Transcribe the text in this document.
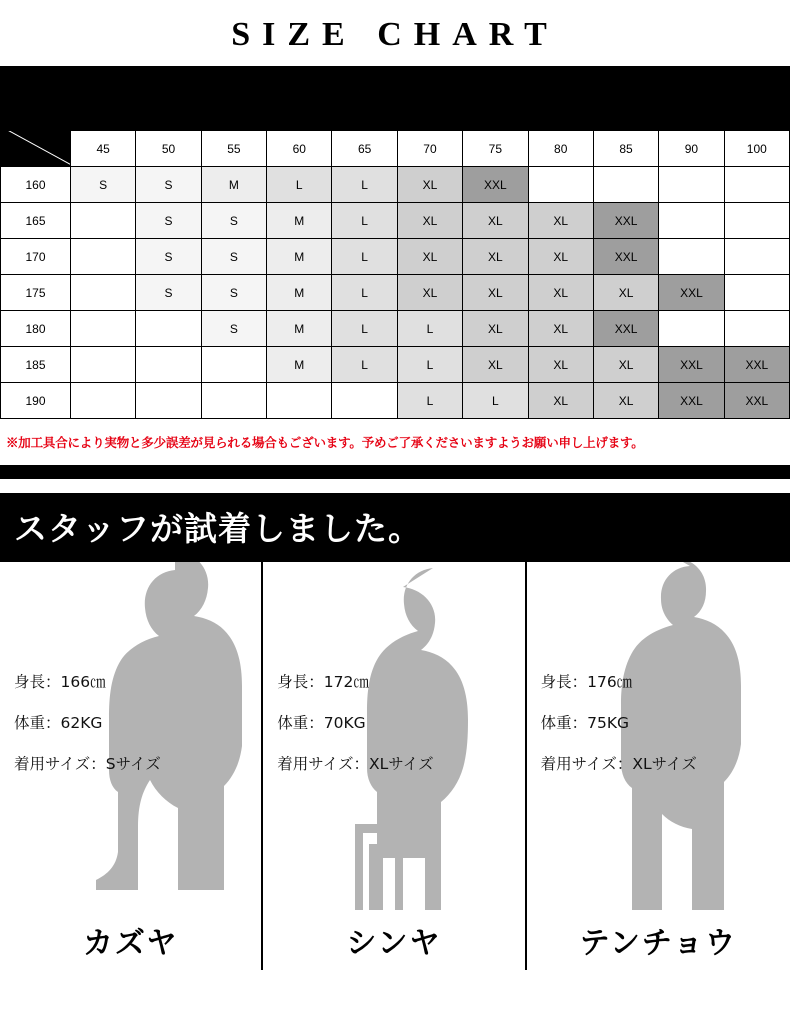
SIZE CHART
	45	50	55	60	65	70	75	80	85	90	100
160	S	S	M	L	L	XL	XXL				
165		S	S	M	L	XL	XL	XL	XXL		
170		S	S	M	L	XL	XL	XL	XXL		
175		S	S	M	L	XL	XL	XL	XL	XXL	
180			S	M	L	L	XL	XL	XXL		
185				M	L	L	XL	XL	XL	XXL	XXL
190						L	L	XL	XL	XXL	XXL
※加工具合により実物と多少誤差が見られる場合もございます。予めご了承くださいますようお願い申し上げます。
スタッフが試着しました。
身長：166㎝
体重：62KG
着用サイズ：Sサイズ
身長：172㎝
体重：70KG
着用サイズ：XLサイズ
身長：176㎝
体重：75KG
着用サイズ：XLサイズ
カズヤ	シンヤ	テンチョウ
